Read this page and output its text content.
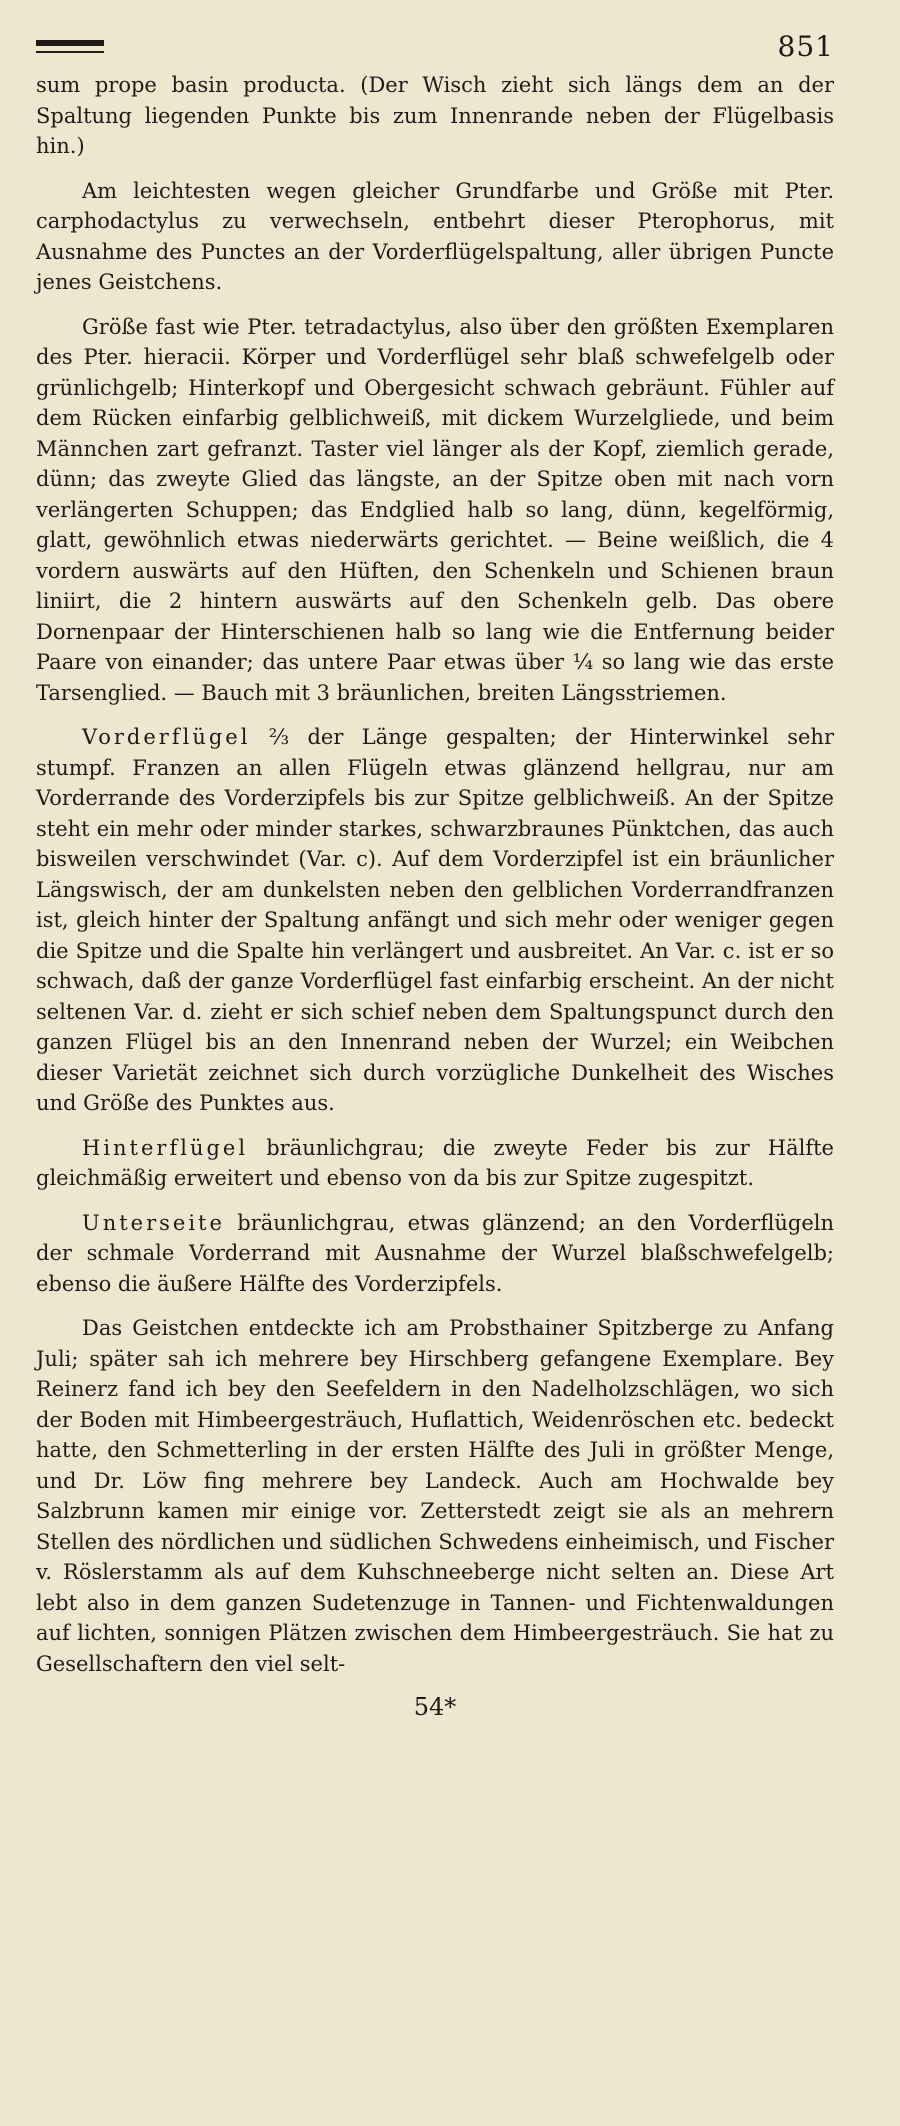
851

sum prope basin producta. (Der Wisch zieht sich längs dem an der Spaltung liegenden Punkte bis zum Innenrande neben der Flügelbasis hin.)

Am leichtesten wegen gleicher Grundfarbe und Größe mit Pter. carphodactylus zu verwechseln, entbehrt dieser Pterophorus, mit Ausnahme des Punctes an der Vorderflügelspaltung, aller übrigen Puncte jenes Geistchens.

Größe fast wie Pter. tetradactylus, also über den größten Exemplaren des Pter. hieracii. Körper und Vorderflügel sehr blaß schwefelgelb oder grünlichgelb; Hinterkopf und Obergesicht schwach gebräunt. Fühler auf dem Rücken einfarbig gelblichweiß, mit dickem Wurzelgliede, und beim Männchen zart gefranzt. Taster viel länger als der Kopf, ziemlich gerade, dünn; das zweyte Glied das längste, an der Spitze oben mit nach vorn verlängerten Schuppen; das Endglied halb so lang, dünn, kegelförmig, glatt, gewöhnlich etwas niederwärts gerichtet. — Beine weißlich, die 4 vordern auswärts auf den Hüften, den Schenkeln und Schienen braun liniirt, die 2 hintern auswärts auf den Schenkeln gelb. Das obere Dornenpaar der Hinterschienen halb so lang wie die Entfernung beider Paare von einander; das untere Paar etwas über ¼ so lang wie das erste Tarsenglied. — Bauch mit 3 bräunlichen, breiten Längsstriemen.

Vorderflügel ⅔ der Länge gespalten; der Hinterwinkel sehr stumpf. Franzen an allen Flügeln etwas glänzend hellgrau, nur am Vorderrande des Vorderzipfels bis zur Spitze gelblichweiß. An der Spitze steht ein mehr oder minder starkes, schwarzbraunes Pünktchen, das auch bisweilen verschwindet (Var. c). Auf dem Vorderzipfel ist ein bräunlicher Längswisch, der am dunkelsten neben den gelblichen Vorderrandfranzen ist, gleich hinter der Spaltung anfängt und sich mehr oder weniger gegen die Spitze und die Spalte hin verlängert und ausbreitet. An Var. c. ist er so schwach, daß der ganze Vorderflügel fast einfarbig erscheint. An der nicht seltenen Var. d. zieht er sich schief neben dem Spaltungspunct durch den ganzen Flügel bis an den Innenrand neben der Wurzel; ein Weibchen dieser Varietät zeichnet sich durch vorzügliche Dunkelheit des Wisches und Größe des Punktes aus.

Hinterflügel bräunlichgrau; die zweyte Feder bis zur Hälfte gleichmäßig erweitert und ebenso von da bis zur Spitze zugespitzt.

Unterseite bräunlichgrau, etwas glänzend; an den Vorderflügeln der schmale Vorderrand mit Ausnahme der Wurzel blaßschwefelgelb; ebenso die äußere Hälfte des Vorderzipfels.

Das Geistchen entdeckte ich am Probsthainer Spitzberge zu Anfang Juli; später sah ich mehrere bey Hirschberg gefangene Exemplare. Bey Reinerz fand ich bey den Seefeldern in den Nadelholzschlägen, wo sich der Boden mit Himbeergesträuch, Huflattich, Weidenröschen etc. bedeckt hatte, den Schmetterling in der ersten Hälfte des Juli in größter Menge, und Dr. Löw fing mehrere bey Landeck. Auch am Hochwalde bey Salzbrunn kamen mir einige vor. Zetterstedt zeigt sie als an mehrern Stellen des nördlichen und südlichen Schwedens einheimisch, und Fischer v. Röslerstamm als auf dem Kuhschneeberge nicht selten an. Diese Art lebt also in dem ganzen Sudetenzuge in Tannen- und Fichtenwaldungen auf lichten, sonnigen Plätzen zwischen dem Himbeergesträuch. Sie hat zu Gesellschaftern den viel selt-

54*
